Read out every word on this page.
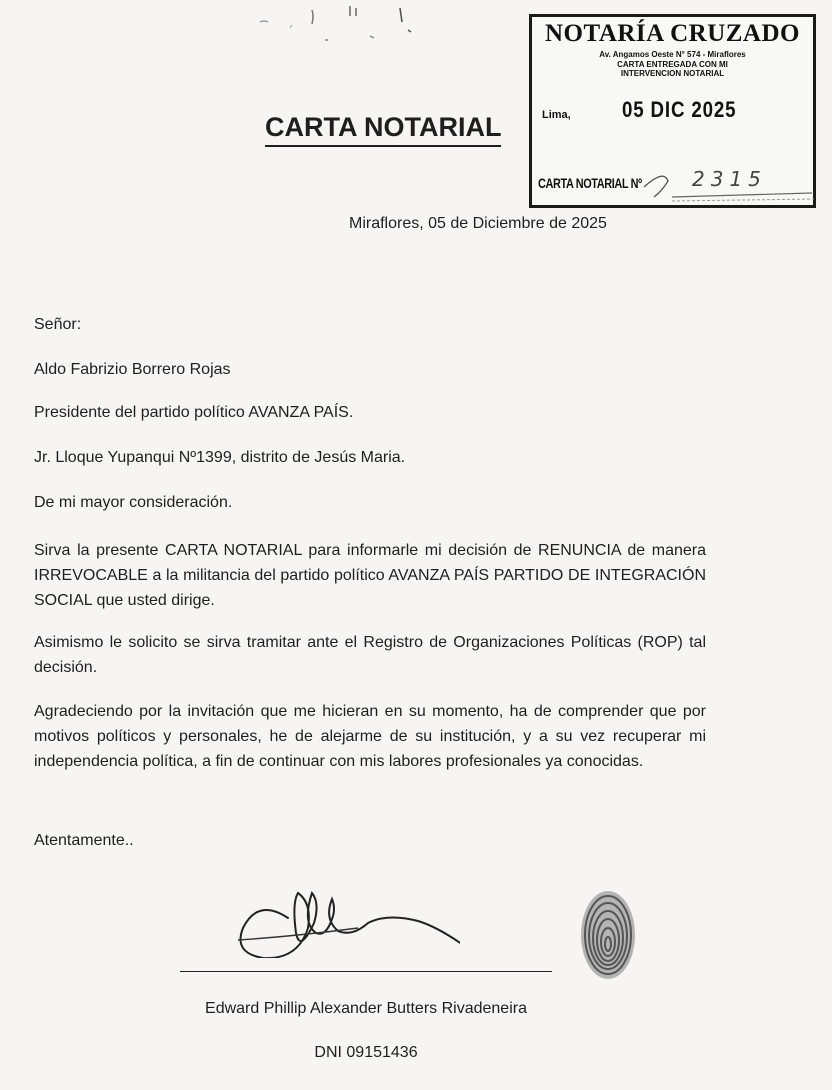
NOTARÍA CRUZADO
Av. Angamos Oeste N° 574 - Miraflores
CARTA ENTREGADA CON MI
INTERVENCION NOTARIAL
Lima, 05 DIC 2025
CARTA NOTARIAL Nº	2315
CARTA NOTARIAL
Miraflores, 05 de Diciembre de 2025
Señor:
Aldo Fabrizio Borrero Rojas
Presidente del partido político AVANZA PAÍS.
Jr. Lloque Yupanqui Nº1399, distrito de Jesús Maria.
De mi mayor consideración.
Sirva la presente CARTA NOTARIAL para informarle mi decisión de RENUNCIA de manera IRREVOCABLE a la militancia del partido político AVANZA PAÍS PARTIDO DE INTEGRACIÓN SOCIAL que usted dirige.
Asimismo le solicito se sirva tramitar ante el Registro de Organizaciones Políticas (ROP) tal decisión.
Agradeciendo por la invitación que me hicieran en su momento, ha de comprender que por motivos políticos y personales, he de alejarme de su institución, y a su vez recuperar mi independencia política, a fin de continuar con mis labores profesionales ya conocidas.
Atentamente..
Edward Phillip Alexander Butters Rivadeneira
DNI 09151436
